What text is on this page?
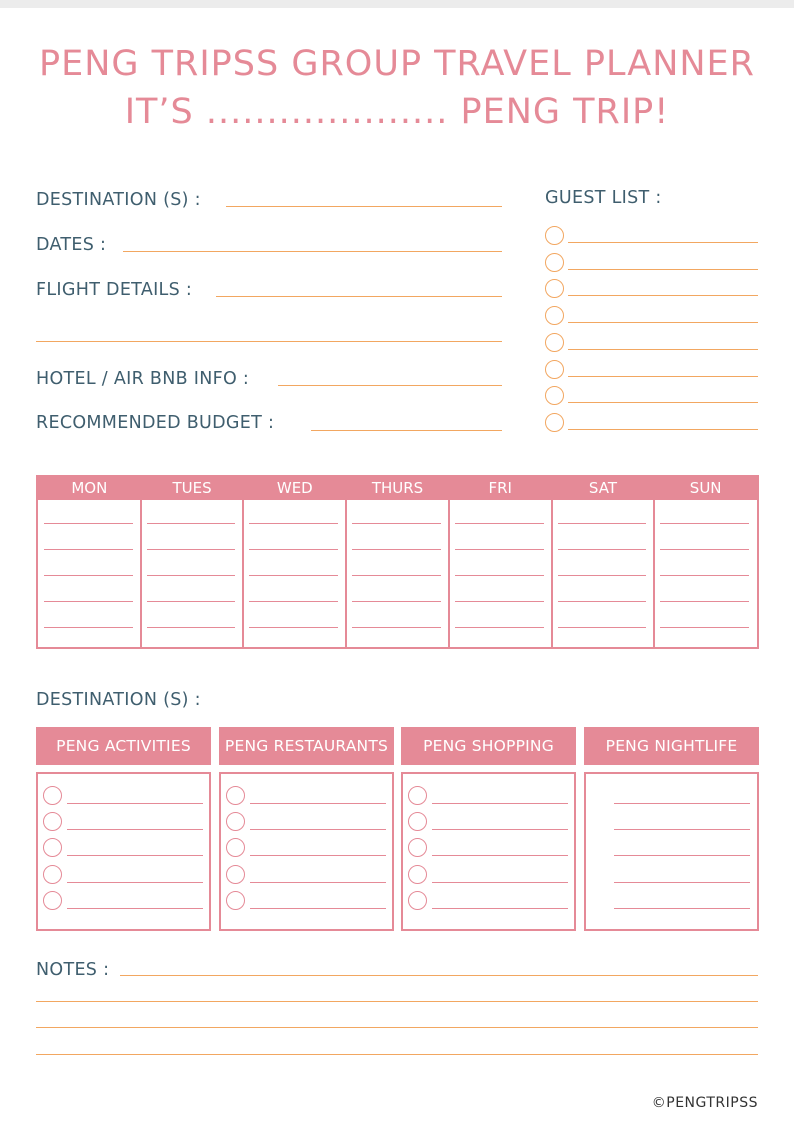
PENG TRIPSS GROUP TRAVEL PLANNER
IT’S .................... PENG TRIP!
DESTINATION (S) :
DATES :
FLIGHT DETAILS :
HOTEL / AIR BNB INFO :
RECOMMENDED BUDGET :
GUEST LIST :
MON	TUES	WED	THURS	FRI	SAT	SUN
DESTINATION (S) :
PENG ACTIVITIES	PENG RESTAURANTS	PENG SHOPPING	PENG NIGHTLIFE
NOTES :
©PENGTRIPSS
